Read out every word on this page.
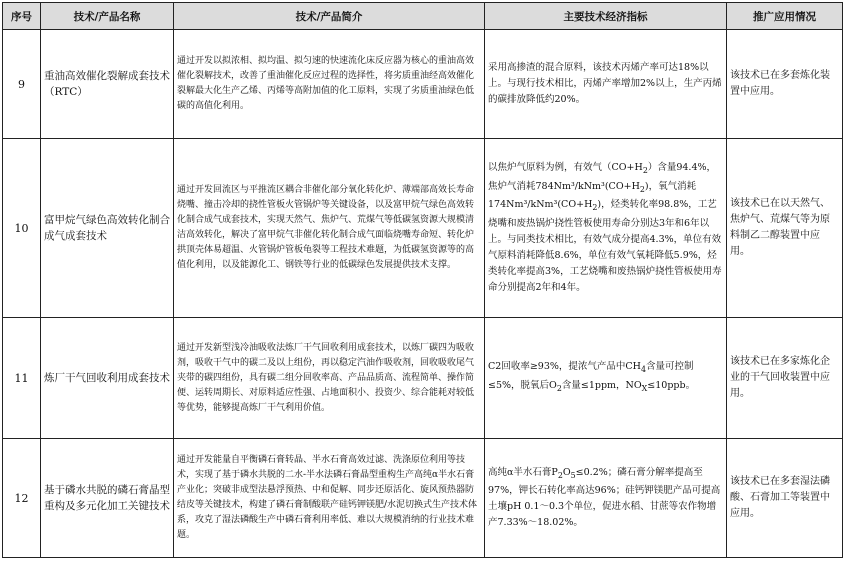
序号	技术/产品名称	技术/产品简介	主要技术经济指标	推广应用情况
9	重油高效催化裂解成套技术（RTC）	通过开发以拟浓相、拟均温、拟匀速的快速流化床反应器为核心的重油高效催化裂解技术，改善了重油催化反应过程的选择性，将劣质重油经高效催化裂解最大化生产乙烯、丙烯等高附加值的化工原料，实现了劣质重油绿色低碳的高值化利用。	采用高掺渣的混合原料，该技术丙烯产率可达18%以上。与现行技术相比，丙烯产率增加2%以上，生产丙烯的碳排放降低约20%。	该技术已在多套炼化装置中应用。
10	富甲烷气绿色高效转化制合成气成套技术	通过开发回流区与平推流区耦合非催化部分氧化转化炉、薄端部高效长寿命烧嘴、撞击冷却的挠性管板火管锅炉等关键设备，以及富甲烷气绿色高效转化制合成气成套技术，实现天然气、焦炉气、荒煤气等低碳氢资源大规模清洁高效转化，解决了富甲烷气非催化转化制合成气面临烧嘴寿命短、转化炉拱顶壳体易超温、火管锅炉管板龟裂等工程技术难题，为低碳氢资源等的高值化利用，以及能源化工、钢铁等行业的低碳绿色发展提供技术支撑。	以焦炉气原料为例，有效气$(CO+H_2)$含量94.4%，焦炉气消耗$784Nm^3/kNm^3(CO+H_2)$，氧气消耗$174Nm^3/kNm^3(CO+H_2)$，烃类转化率98.8%，工艺烧嘴和废热锅炉挠性管板使用寿命分别达3年和6年以上。与同类技术相比，有效气成分提高4.3%，单位有效气原料消耗降低8.6%，单位有效气氧耗降低5.9%，烃类转化率提高3%，工艺烧嘴和废热锅炉挠性管板使用寿命分别提高2年和4年。	该技术已在以天然气、焦炉气、荒煤气等为原料制乙二醇装置中应用。
11	炼厂干气回收利用成套技术	通过开发新型浅冷油吸收法炼厂干气回收利用成套技术，以炼厂碳四为吸收剂，吸收干气中的碳二及以上组份，再以稳定汽油作吸收剂，回收吸收尾气夹带的碳四组份，具有碳二组分回收率高、产品品质高、流程简单、操作简便、运转周期长、对原料适应性强、占地面积小、投资少、综合能耗对较低等优势，能够提高炼厂干气利用价值。	C2回收率≥93%，提浓气产品中$CH_4$含量可控制≤5%，脱氧后$O_2$含量≤1ppm，$NO_X\le 10ppb$。	该技术已在多家炼化企业的干气回收装置中应用。
12	基于磷水共脱的磷石膏晶型重构及多元化加工关键技术	通过开发能量自平衡磷石膏转晶、半水石膏高效过滤、洗涤原位利用等技术，实现了基于磷水共脱的二水-半水法磷石膏晶型重构生产高纯α半水石膏产业化；突破非成型法悬浮预热、中和促解、同步还原活化、旋风预热器防结皮等关键技术，构建了磷石膏制酸联产硅钙钾镁肥/水泥切换式生产技术体系，攻克了湿法磷酸生产中磷石膏利用率低、难以大规模消纳的行业技术难题。	高纯α半水石膏$P_2O_5\le 0.2\%$；磷石膏分解率提高至97%，钾长石转化率高达96%；硅钙钾镁肥产品可提高土壤pH 0.1～0.3个单位，促进水稻、甘蔗等农作物增产7.33%～18.02%。	该技术已在多套湿法磷酸、石膏加工等装置中应用。
